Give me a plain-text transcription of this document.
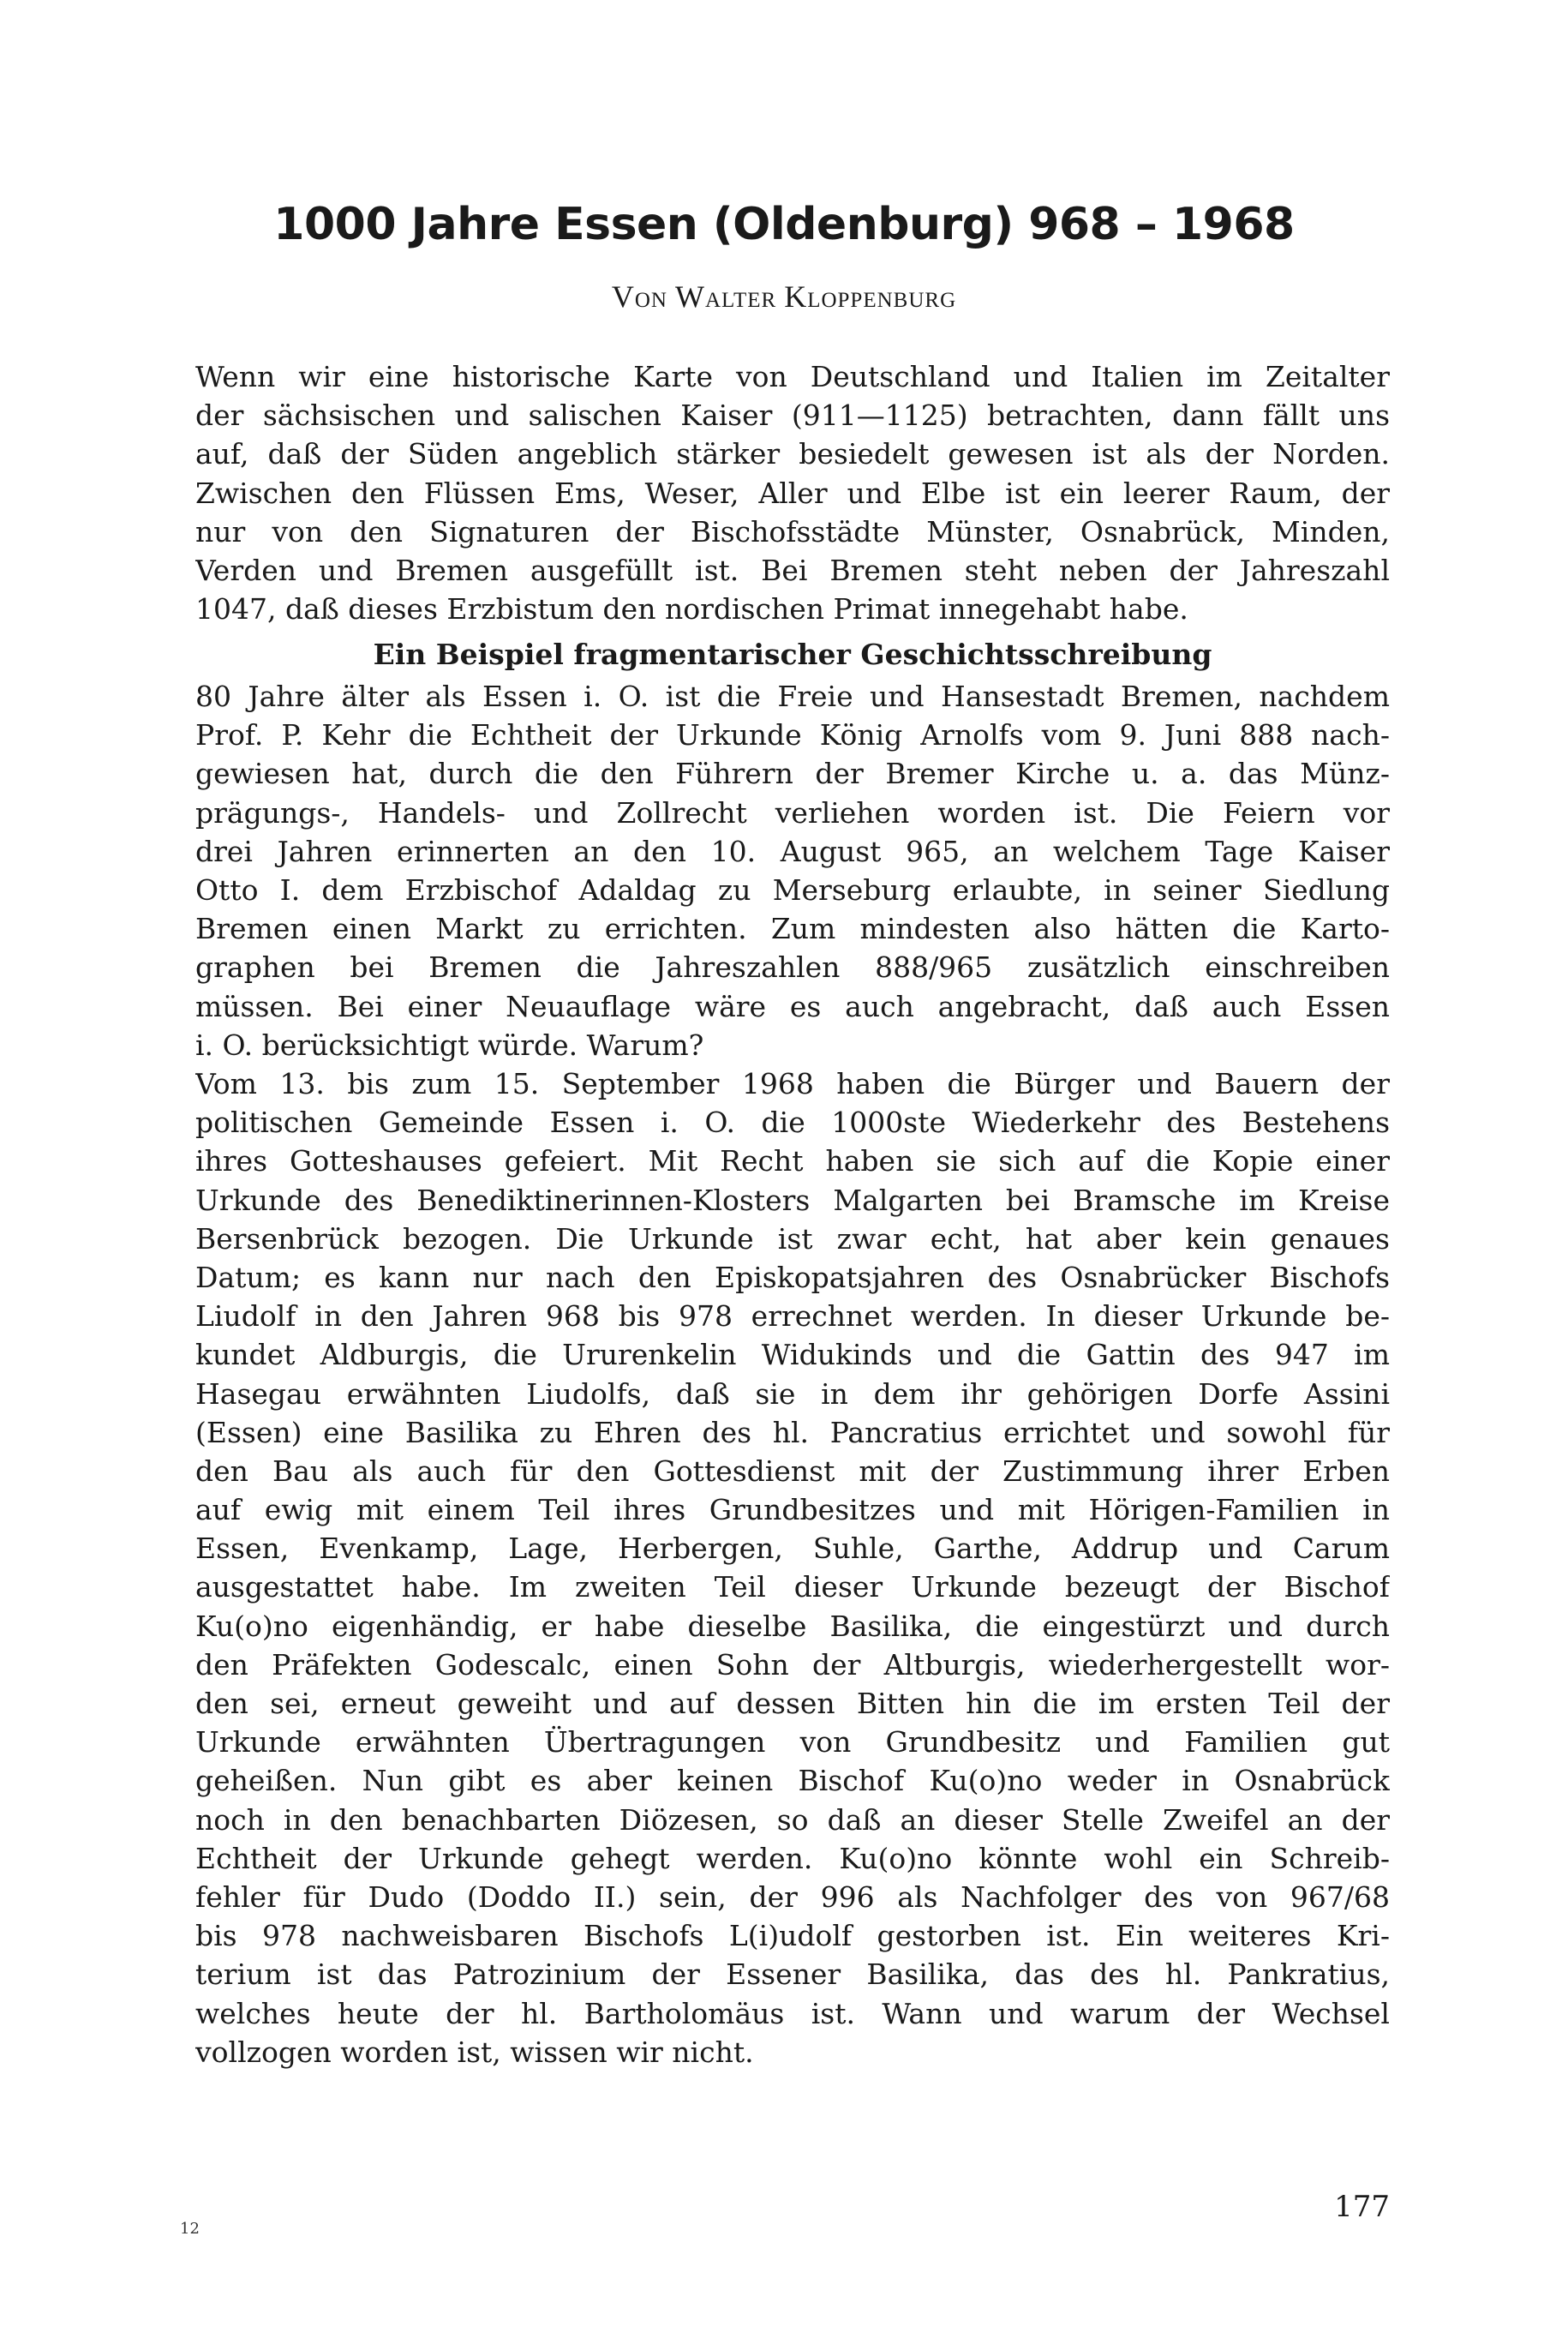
1000 Jahre Essen (Oldenburg) 968 – 1968

VON WALTER KLOPPENBURG

Wenn wir eine historische Karte von Deutschland und Italien im Zeitalter
der sächsischen und salischen Kaiser (911—1125) betrachten, dann fällt uns
auf, daß der Süden angeblich stärker besiedelt gewesen ist als der Norden.
Zwischen den Flüssen Ems, Weser, Aller und Elbe ist ein leerer Raum, der
nur von den Signaturen der Bischofsstädte Münster, Osnabrück, Minden,
Verden und Bremen ausgefüllt ist. Bei Bremen steht neben der Jahreszahl
1047, daß dieses Erzbistum den nordischen Primat innegehabt habe.
Ein Beispiel fragmentarischer Geschichtsschreibung
80 Jahre älter als Essen i. O. ist die Freie und Hansestadt Bremen, nachdem
Prof. P. Kehr die Echtheit der Urkunde König Arnolfs vom 9. Juni 888 nach-
gewiesen hat, durch die den Führern der Bremer Kirche u. a. das Münz-
prägungs-, Handels- und Zollrecht verliehen worden ist. Die Feiern vor
drei Jahren erinnerten an den 10. August 965, an welchem Tage Kaiser
Otto I. dem Erzbischof Adaldag zu Merseburg erlaubte, in seiner Siedlung
Bremen einen Markt zu errichten. Zum mindesten also hätten die Karto-
graphen bei Bremen die Jahreszahlen 888/965 zusätzlich einschreiben
müssen. Bei einer Neuauflage wäre es auch angebracht, daß auch Essen
i. O. berücksichtigt würde. Warum?
Vom 13. bis zum 15. September 1968 haben die Bürger und Bauern der
politischen Gemeinde Essen i. O. die 1000ste Wiederkehr des Bestehens
ihres Gotteshauses gefeiert. Mit Recht haben sie sich auf die Kopie einer
Urkunde des Benediktinerinnen-Klosters Malgarten bei Bramsche im Kreise
Bersenbrück bezogen. Die Urkunde ist zwar echt, hat aber kein genaues
Datum; es kann nur nach den Episkopatsjahren des Osnabrücker Bischofs
Liudolf in den Jahren 968 bis 978 errechnet werden. In dieser Urkunde be-
kundet Aldburgis, die Ururenkelin Widukinds und die Gattin des 947 im
Hasegau erwähnten Liudolfs, daß sie in dem ihr gehörigen Dorfe Assini
(Essen) eine Basilika zu Ehren des hl. Pancratius errichtet und sowohl für
den Bau als auch für den Gottesdienst mit der Zustimmung ihrer Erben
auf ewig mit einem Teil ihres Grundbesitzes und mit Hörigen-Familien in
Essen, Evenkamp, Lage, Herbergen, Suhle, Garthe, Addrup und Carum
ausgestattet habe. Im zweiten Teil dieser Urkunde bezeugt der Bischof
Ku(o)no eigenhändig, er habe dieselbe Basilika, die eingestürzt und durch
den Präfekten Godescalc, einen Sohn der Altburgis, wiederhergestellt wor-
den sei, erneut geweiht und auf dessen Bitten hin die im ersten Teil der
Urkunde erwähnten Übertragungen von Grundbesitz und Familien gut
geheißen. Nun gibt es aber keinen Bischof Ku(o)no weder in Osnabrück
noch in den benachbarten Diözesen, so daß an dieser Stelle Zweifel an der
Echtheit der Urkunde gehegt werden. Ku(o)no könnte wohl ein Schreib-
fehler für Dudo (Doddo II.) sein, der 996 als Nachfolger des von 967/68
bis 978 nachweisbaren Bischofs L(i)udolf gestorben ist. Ein weiteres Kri-
terium ist das Patrozinium der Essener Basilika, das des hl. Pankratius,
welches heute der hl. Bartholomäus ist. Wann und warum der Wechsel
vollzogen worden ist, wissen wir nicht.
177
12
